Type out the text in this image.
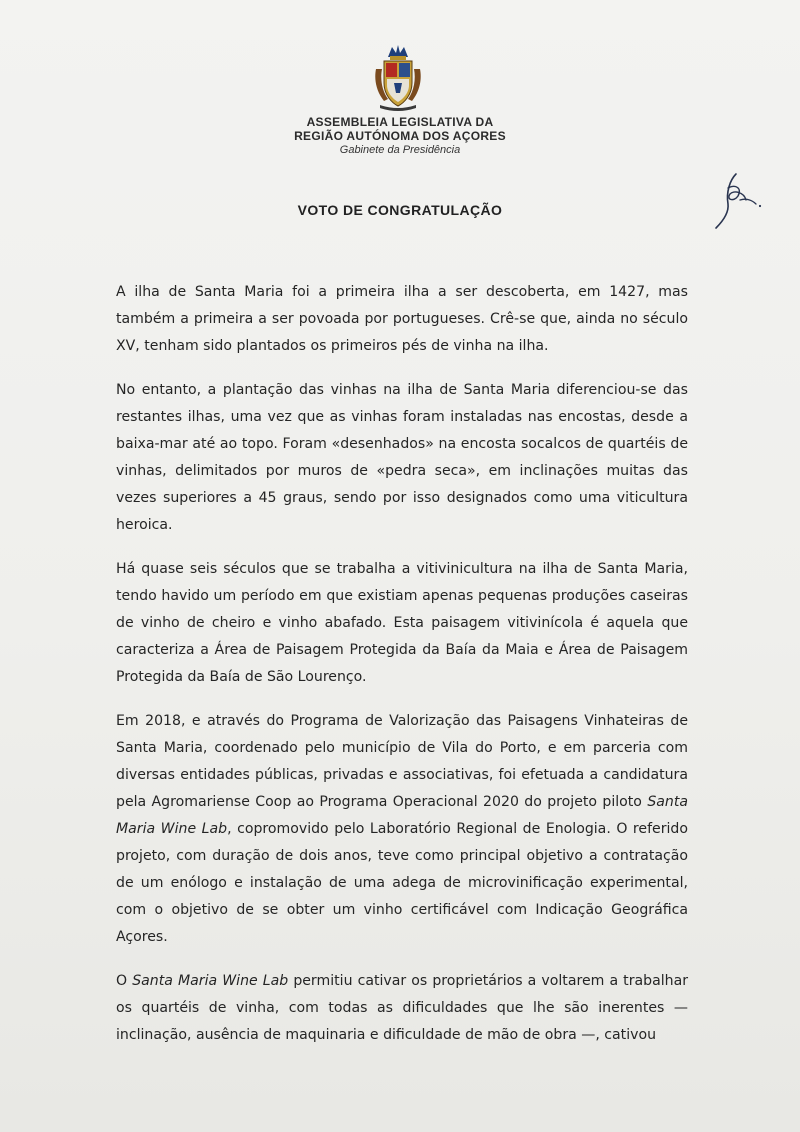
ASSEMBLEIA LEGISLATIVA DA
REGIÃO AUTÓNOMA DOS AÇORES
Gabinete da Presidência
VOTO DE CONGRATULAÇÃO

A ilha de Santa Maria foi a primeira ilha a ser descoberta, em 1427, mas também a primeira a ser povoada por portugueses. Crê-se que, ainda no século XV, tenham sido plantados os primeiros pés de vinha na ilha.

No entanto, a plantação das vinhas na ilha de Santa Maria diferenciou-se das restantes ilhas, uma vez que as vinhas foram instaladas nas encostas, desde a baixa-mar até ao topo. Foram «desenhados» na encosta socalcos de quartéis de vinhas, delimitados por muros de «pedra seca», em inclinações muitas das vezes superiores a 45 graus, sendo por isso designados como uma viticultura heroica.

Há quase seis séculos que se trabalha a vitivinicultura na ilha de Santa Maria, tendo havido um período em que existiam apenas pequenas produções caseiras de vinho de cheiro e vinho abafado. Esta paisagem vitivinícola é aquela que caracteriza a Área de Paisagem Protegida da Baía da Maia e Área de Paisagem Protegida da Baía de São Lourenço.

Em 2018, e através do Programa de Valorização das Paisagens Vinhateiras de Santa Maria, coordenado pelo município de Vila do Porto, e em parceria com diversas entidades públicas, privadas e associativas, foi efetuada a candidatura pela Agromariense Coop ao Programa Operacional 2020 do projeto piloto Santa Maria Wine Lab, copromovido pelo Laboratório Regional de Enologia. O referido projeto, com duração de dois anos, teve como principal objetivo a contratação de um enólogo e instalação de uma adega de microvinificação experimental, com o objetivo de se obter um vinho certificável com Indicação Geográfica Açores.

O Santa Maria Wine Lab permitiu cativar os proprietários a voltarem a trabalhar os quartéis de vinha, com todas as dificuldades que lhe são inerentes — inclinação, ausência de maquinaria e dificuldade de mão de obra —, cativou
